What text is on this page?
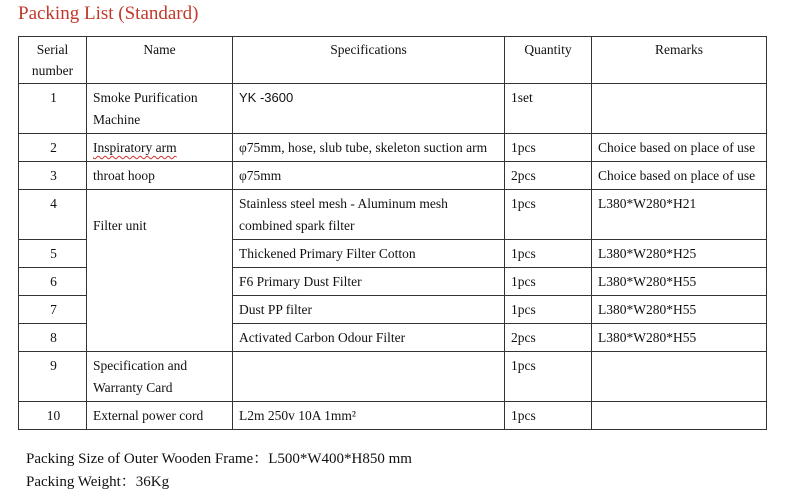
Packing List (Standard)
Serial number	Name	Specifications	Quantity	Remarks
1	Smoke Purification Machine	YK -3600	1set	
2	Inspiratory arm	φ75mm, hose, slub tube, skeleton suction arm	1pcs	Choice based on place of use
3	throat hoop	φ75mm	2pcs	Choice based on place of use
4	Filter unit	Stainless steel mesh - Aluminum mesh combined spark filter	1pcs	L380*W280*H21
5		Thickened Primary Filter Cotton	1pcs	L380*W280*H25
6		F6 Primary Dust Filter	1pcs	L380*W280*H55
7		Dust PP filter	1pcs	L380*W280*H55
8		Activated Carbon Odour Filter	2pcs	L380*W280*H55
9	Specification and Warranty Card		1pcs	
10	External power cord	L2m 250v 10A 1mm²	1pcs	
Packing Size of Outer Wooden Frame：L500*W400*H850 mm
Packing Weight：36Kg
